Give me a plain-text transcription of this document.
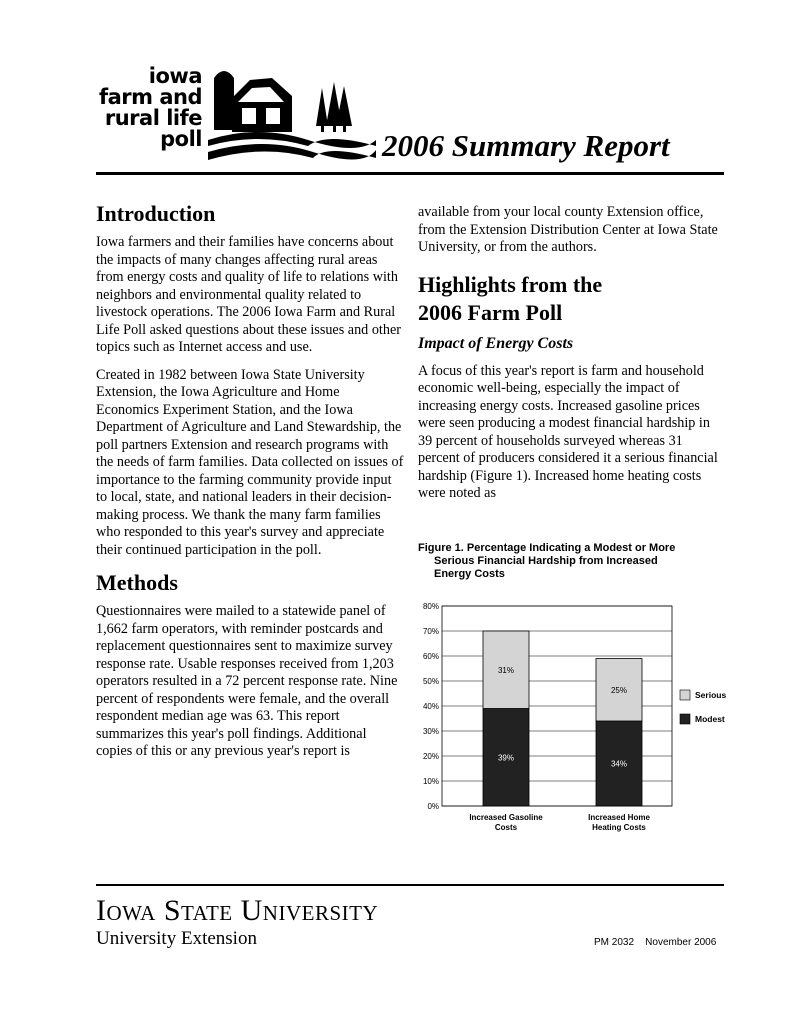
iowa
farm and
rural life
poll	2006 Summary Report
Introduction

Iowa farmers and their families have concerns about the impacts of many changes affecting rural areas from energy costs and quality of life to relations with neighbors and environmental quality related to livestock operations. The 2006 Iowa Farm and Rural Life Poll asked questions about these issues and other topics such as Internet access and use.

Created in 1982 between Iowa State University Extension, the Iowa Agriculture and Home Economics Experiment Station, and the Iowa Department of Agriculture and Land Stewardship, the poll partners Extension and research programs with the needs of farm families. Data collected on issues of importance to the farming community provide input to local, state, and national leaders in their decision-making process. We thank the many farm families who responded to this year's survey and appreciate their continued participation in the poll.

Methods

Questionnaires were mailed to a statewide panel of 1,662 farm operators, with reminder postcards and replacement questionnaires sent to maximize survey response rate. Usable responses received from 1,203 operators resulted in a 72 percent response rate. Nine percent of respondents were female, and the overall respondent median age was 63. This report summarizes this year's poll findings. Additional copies of this or any previous year's report is

available from your local county Extension office, from the Extension Distribution Center at Iowa State University, or from the authors.

Highlights from the
2006 Farm Poll
Impact of Energy Costs

A focus of this year's report is farm and household economic well-being, especially the impact of increasing energy costs. Increased gasoline prices were seen producing a modest financial hardship in 39 percent of households surveyed whereas 31 percent of producers considered it a serious financial hardship (Figure 1). Increased home heating costs were noted as

Figure 1. Percentage Indicating a Modest or More
Serious Financial Hardship from Increased
Energy Costs
0%
10%
20%
30%
40%
50%
60%
70%
80%
39%
31%
Increased Gasoline
Costs
34%
25%
Increased Home
Heating Costs
Serious
Modest
Iowa State University
University Extension	PM 2032 November 2006
